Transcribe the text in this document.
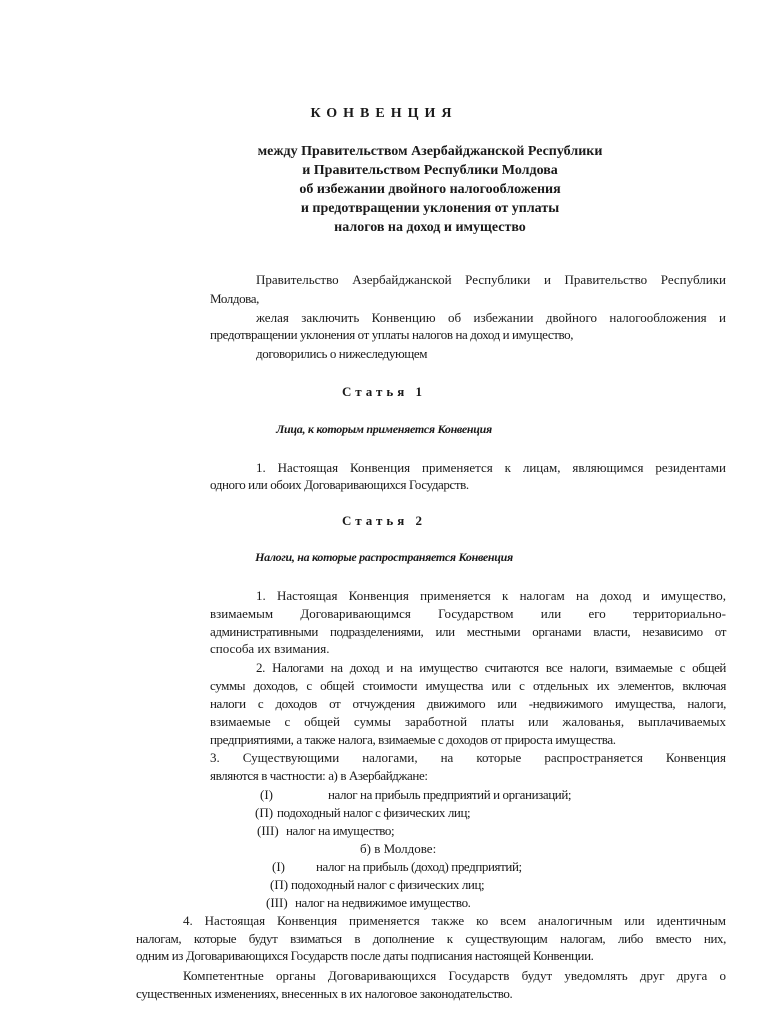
КОНВЕНЦИЯ
между Правительством Азербайджанской Республики
и Правительством Республики Молдова
об избежании двойного налогообложения
и предотвращении уклонения от уплаты
налогов на доход и имущество
Правительство Азербайджанской Республики и Правительство Республики
Молдова,
желая заключить Конвенцию об избежании двойного налогообложения и
предотвращении уклонения от уплаты налогов на доход и имущество,
договорились о нижеследующем
Статья 1
Лица, к которым применяется Конвенция
1. Настоящая Конвенция применяется к лицам, являющимся резидентами
одного или обоих Договаривающихся Государств.
Статья 2
Налоги, на которые распространяется Конвенция
1. Настоящая Конвенция применяется к налогам на доход и имущество,
взимаемым Договаривающимся Государством или его территориально-
административными подразделениями, или местными органами власти, независимо от
способа их взимания.
2. Налогами на доход и на имущество считаются все налоги, взимаемые с общей
суммы доходов, с общей стоимости имущества или с отдельных их элементов, включая
налоги с доходов от отчуждения движимого или -недвижимого имущества, налоги,
взимаемые с общей суммы заработной платы или жалованья, выплачиваемых
предприятиями, а также налога, взимаемые с доходов от прироста имущества.
3. Существующими налогами, на которые распространяется Конвенция
являются в частности: а) в Азербайджане:
(I)	налог на прибыль предприятий и организаций;
(П) подоходный налог с физических лиц;
(III) налог на имущество;
б) в Молдове:
(I) налог на прибыль (доход) предприятий;
(П) подоходный налог с физических лиц;
(III) налог на недвижимое имущество.
4. Настоящая Конвенция применяется также ко всем аналогичным или идентичным
налогам, которые будут взиматься в дополнение к существующим налогам, либо вместо них,
одним из Договаривающихся Государств после даты подписания настоящей Конвенции.
Компетентные органы Договаривающихся Государств будут уведомлять друг друга о
существенных изменениях, внесенных в их налоговое законодательство.
